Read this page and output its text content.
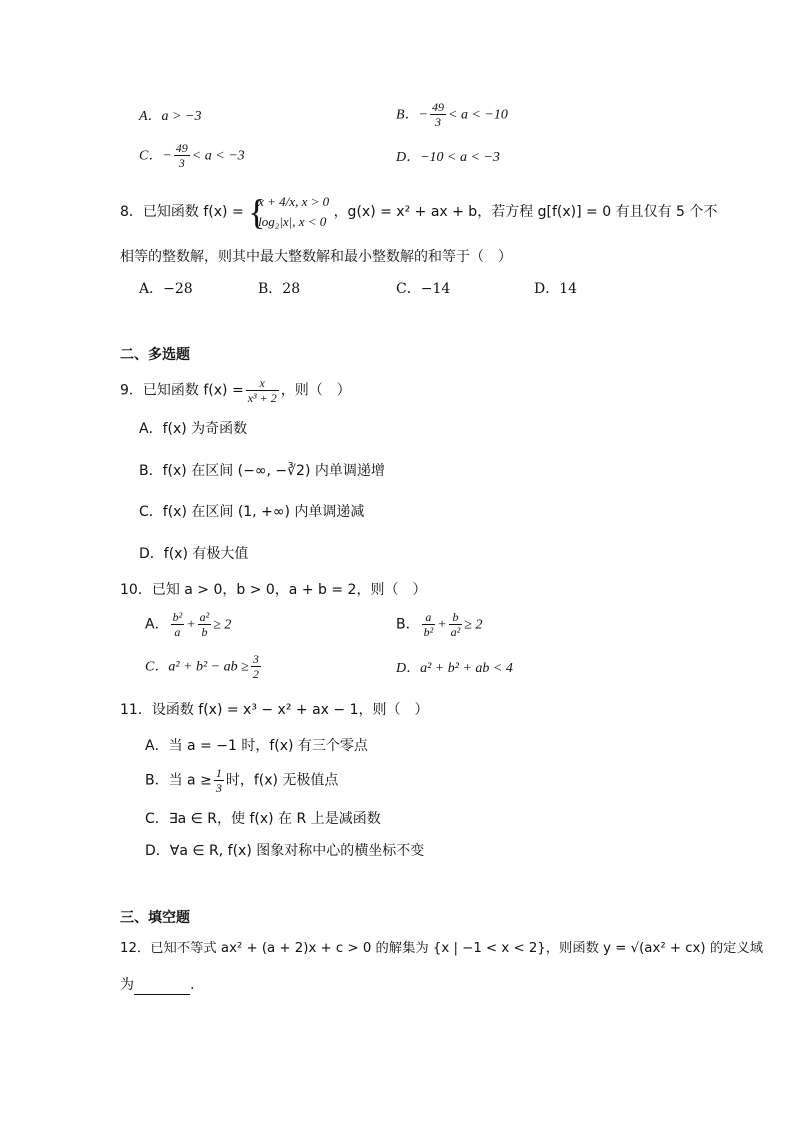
A．a > −3	B．− $\frac{49}{3} < a < -10$
C．− $\frac{49}{3} < a < -3$	D．−10 < a < −3
8．已知函数 f(x) = {
x + 4/x, x > 0
log₂|x|, x < 0
，g(x) = x² + ax + b，若方程 g[f(x)] = 0 有且仅有 5 个不
相等的整数解，则其中最大整数解和最小整数解的和等于（　）
A．−28	B．28	C．−14	D．14
二、多选题
9．已知函数 $f(x) = \frac{x}{\text{x³ + 2}}$ ，则（　）
A．f(x) 为奇函数
B．f(x) 在区间 (−∞, −∛2) 内单调递增
C．f(x) 在区间 (1, +∞) 内单调递减
D．f(x) 有极大值
10．已知 a > 0，b > 0，a + b = 2，则（　）
A． $\frac{\text{b²}}{a} + \frac{\text{a²}}{b} \ge 2$	B． $\frac{a}{\text{b²}} + \frac{b}{\text{a²}} \ge 2$
C．a² + b² − ab ≥ $\frac{3}{2}$	D．a² + b² + ab < 4
11．设函数 f(x) = x³ − x² + ax − 1，则（　）
A．当 a = −1 时，f(x) 有三个零点
B．当 $a \ge \frac{1}{3}$ 时，f(x) 无极值点
C．∃a ∈ R，使 f(x) 在 R 上是减函数
D．∀a ∈ R, f(x) 图象对称中心的横坐标不变
三、填空题
12．已知不等式 ax² + (a + 2)x + c > 0 的解集为 {x | −1 < x < 2}，则函数 y = √(ax² + cx) 的定义域
为	.
